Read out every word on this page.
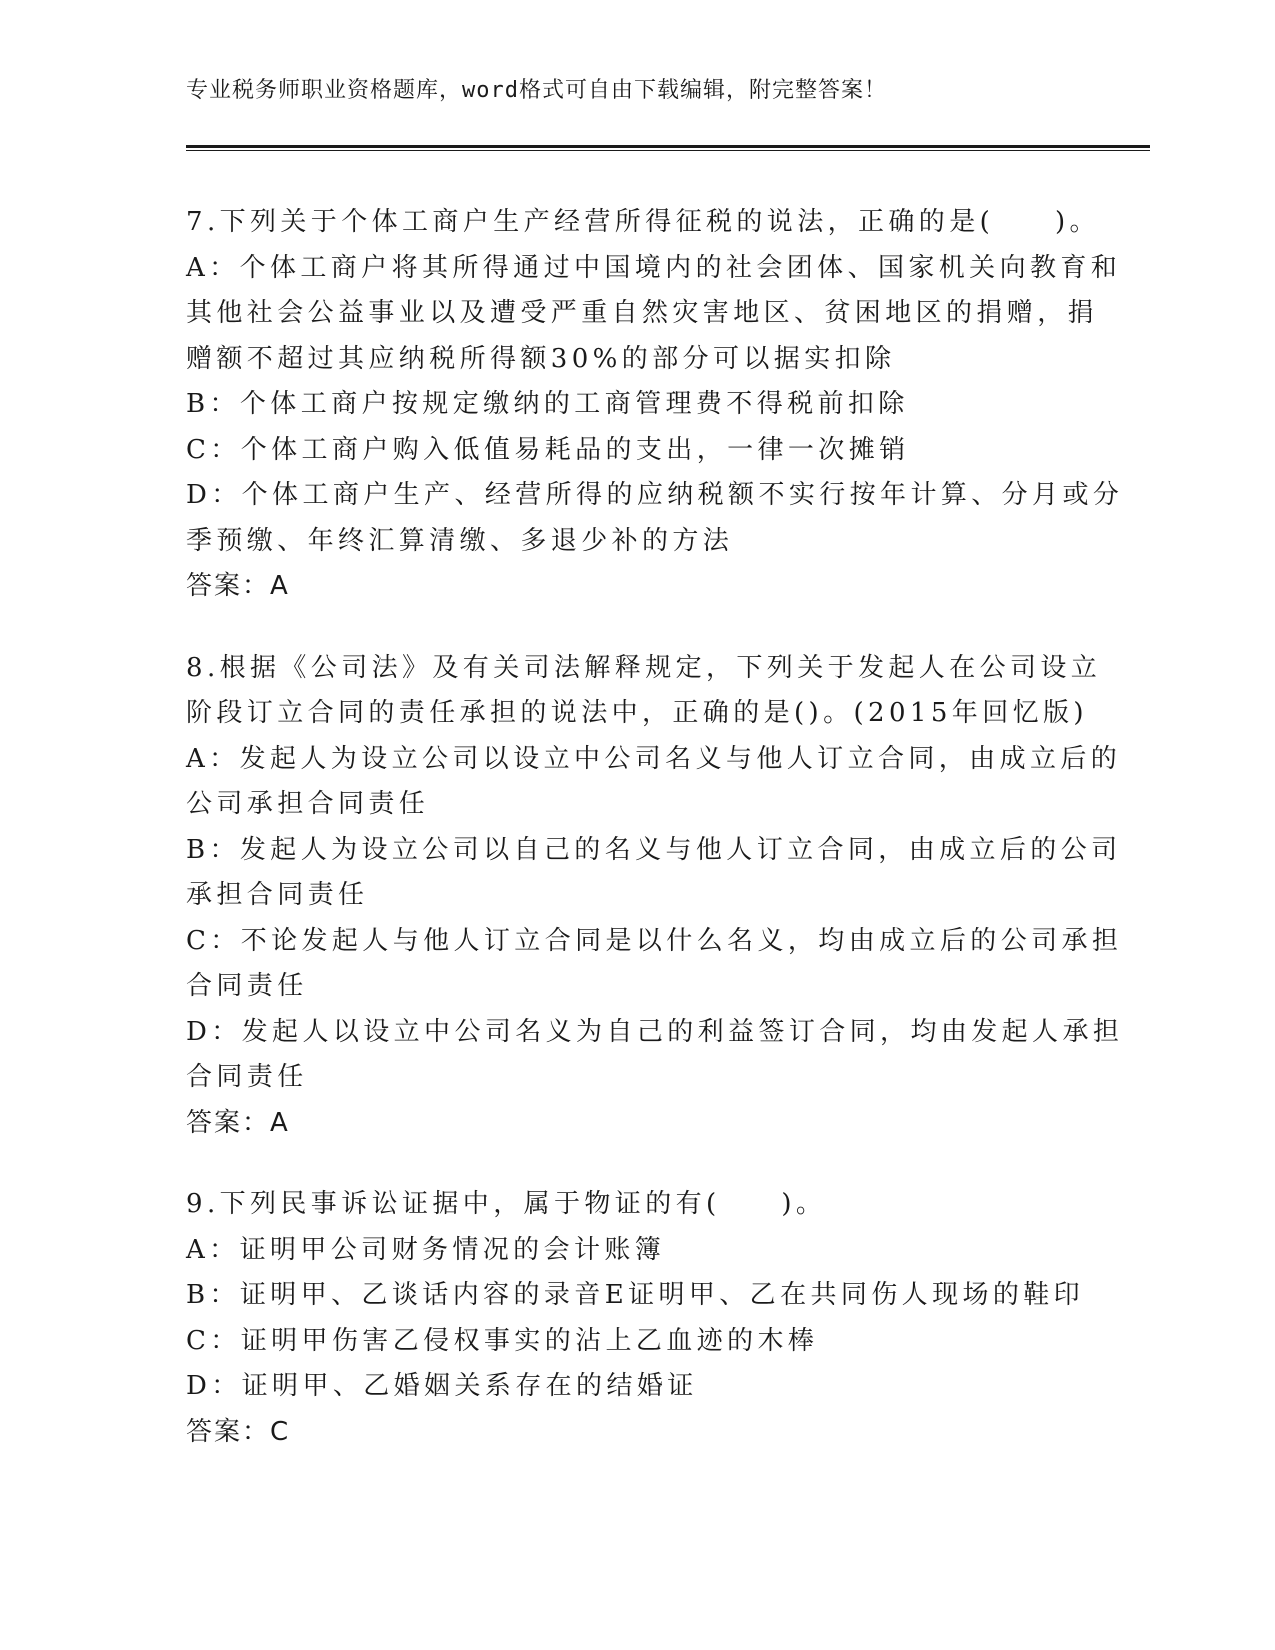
专业税务师职业资格题库，word格式可自由下载编辑，附完整答案！
7.下列关于个体工商户生产经营所得征税的说法，正确的是(　　)。
A：个体工商户将其所得通过中国境内的社会团体、国家机关向教育和
其他社会公益事业以及遭受严重自然灾害地区、贫困地区的捐赠，捐
赠额不超过其应纳税所得额30%的部分可以据实扣除
B：个体工商户按规定缴纳的工商管理费不得税前扣除
C：个体工商户购入低值易耗品的支出，一律一次摊销
D：个体工商户生产、经营所得的应纳税额不实行按年计算、分月或分
季预缴、年终汇算清缴、多退少补的方法
答案：A
8.根据《公司法》及有关司法解释规定，下列关于发起人在公司设立
阶段订立合同的责任承担的说法中，正确的是()。(2015年回忆版)
A：发起人为设立公司以设立中公司名义与他人订立合同，由成立后的
公司承担合同责任
B：发起人为设立公司以自己的名义与他人订立合同，由成立后的公司
承担合同责任
C：不论发起人与他人订立合同是以什么名义，均由成立后的公司承担
合同责任
D：发起人以设立中公司名义为自己的利益签订合同，均由发起人承担
合同责任
答案：A
9.下列民事诉讼证据中，属于物证的有(　　)。
A：证明甲公司财务情况的会计账簿
B：证明甲、乙谈话内容的录音E证明甲、乙在共同伤人现场的鞋印
C：证明甲伤害乙侵权事实的沾上乙血迹的木棒
D：证明甲、乙婚姻关系存在的结婚证
答案：C
